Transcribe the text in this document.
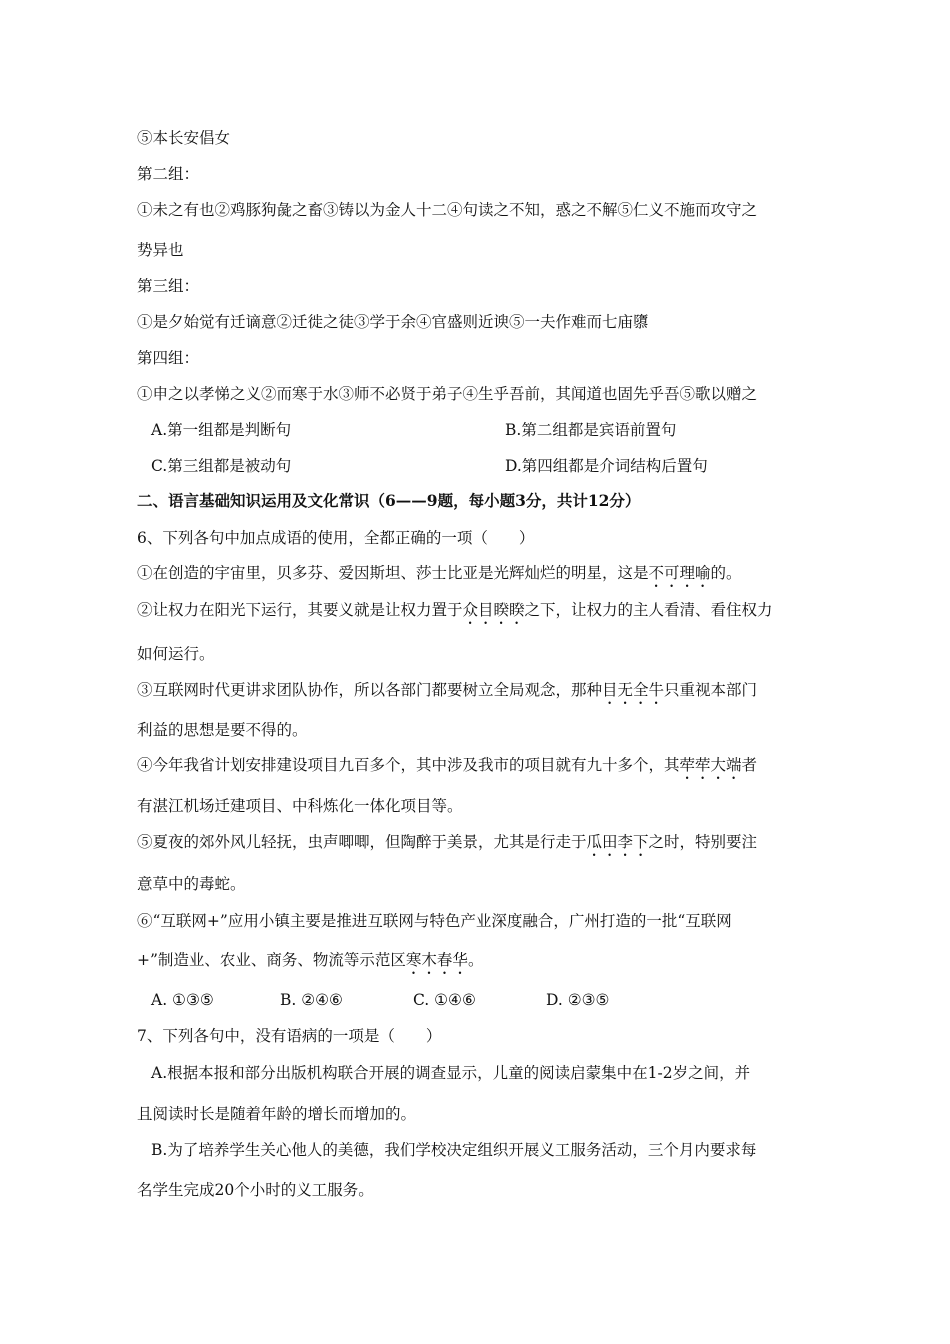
⑤本长安倡女
第二组：
①未之有也②鸡豚狗彘之畜③铸以为金人十二④句读之不知，惑之不解⑤仁义不施而攻守之
势异也
第三组：
①是夕始觉有迁谪意②迁徙之徒③学于余④官盛则近谀⑤一夫作难而七庙隳
第四组：
①申之以孝悌之义②而寒于水③师不必贤于弟子④生乎吾前，其闻道也固先乎吾⑤歌以赠之
A.第一组都是判断句	B.第二组都是宾语前置句
C.第三组都是被动句	D.第四组都是介词结构后置句
二、语言基础知识运用及文化常识（6——9题，每小题3分，共计12分）
6、下列各句中加点成语的使用，全都正确的一项（　　）
①在创造的宇宙里，贝多芬、爱因斯坦、莎士比亚是光辉灿烂的明星，这是不可理喻的。
②让权力在阳光下运行，其要义就是让权力置于众目睽睽之下，让权力的主人看清、看住权力
如何运行。
③互联网时代更讲求团队协作，所以各部门都要树立全局观念，那种目无全牛只重视本部门
利益的思想是要不得的。
④今年我省计划安排建设项目九百多个，其中涉及我市的项目就有九十多个，其荦荦大端者
有湛江机场迁建项目、中科炼化一体化项目等。
⑤夏夜的郊外风儿轻抚，虫声唧唧，但陶醉于美景，尤其是行走于瓜田李下之时，特别要注
意草中的毒蛇。
⑥“互联网+”应用小镇主要是推进互联网与特色产业深度融合，广州打造的一批“互联网
+”制造业、农业、商务、物流等示范区寒木春华。
A. ①③⑤	B. ②④⑥	C. ①④⑥	D. ②③⑤
7、下列各句中，没有语病的一项是（　　）
A.根据本报和部分出版机构联合开展的调查显示，儿童的阅读启蒙集中在1-2岁之间，并
且阅读时长是随着年龄的增长而增加的。
B.为了培养学生关心他人的美德，我们学校决定组织开展义工服务活动，三个月内要求每
名学生完成20个小时的义工服务。
